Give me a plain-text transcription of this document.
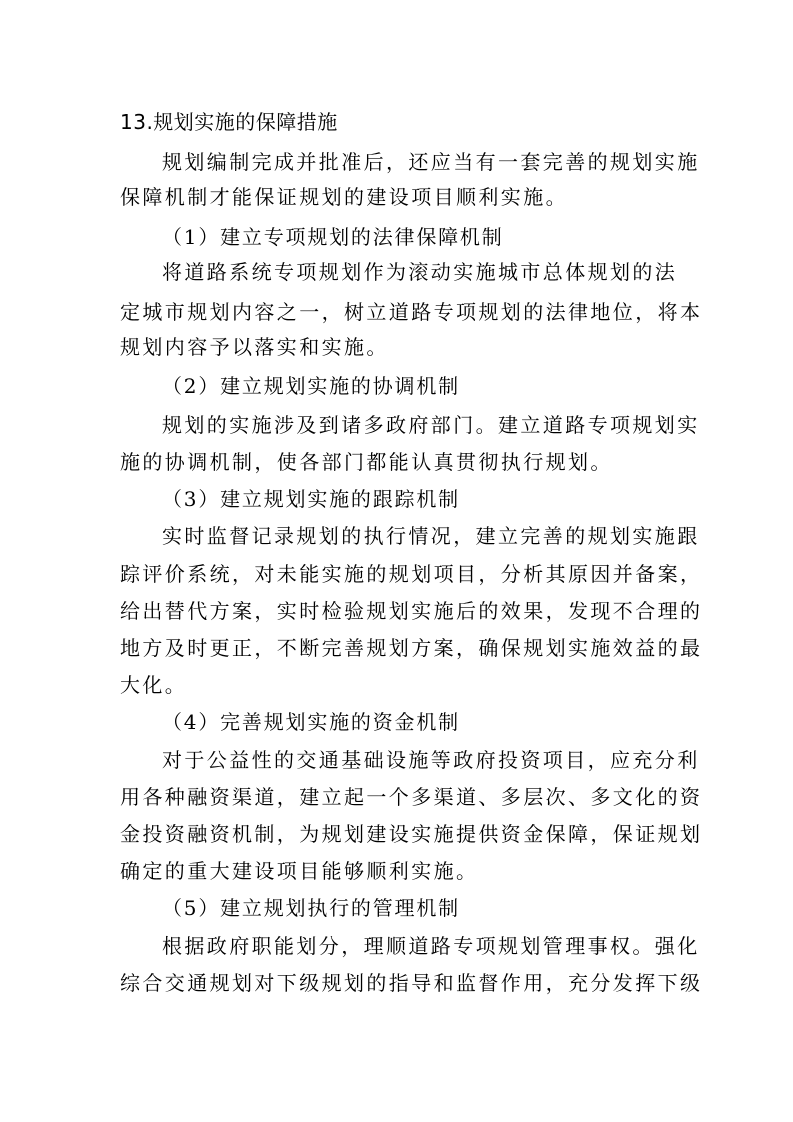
13.规划实施的保障措施
规划编制完成并批准后，还应当有一套完善的规划实施
保障机制才能保证规划的建设项目顺利实施。
（1）建立专项规划的法律保障机制
将道路系统专项规划作为滚动实施城市总体规划的法
定城市规划内容之一，树立道路专项规划的法律地位，将本
规划内容予以落实和实施。
（2）建立规划实施的协调机制
规划的实施涉及到诸多政府部门。建立道路专项规划实
施的协调机制，使各部门都能认真贯彻执行规划。
（3）建立规划实施的跟踪机制
实时监督记录规划的执行情况，建立完善的规划实施跟
踪评价系统，对未能实施的规划项目，分析其原因并备案，
给出替代方案，实时检验规划实施后的效果，发现不合理的
地方及时更正，不断完善规划方案，确保规划实施效益的最
大化。
（4）完善规划实施的资金机制
对于公益性的交通基础设施等政府投资项目，应充分利
用各种融资渠道，建立起一个多渠道、多层次、多文化的资
金投资融资机制，为规划建设实施提供资金保障，保证规划
确定的重大建设项目能够顺利实施。
（5）建立规划执行的管理机制
根据政府职能划分，理顺道路专项规划管理事权。强化
综合交通规划对下级规划的指导和监督作用，充分发挥下级
